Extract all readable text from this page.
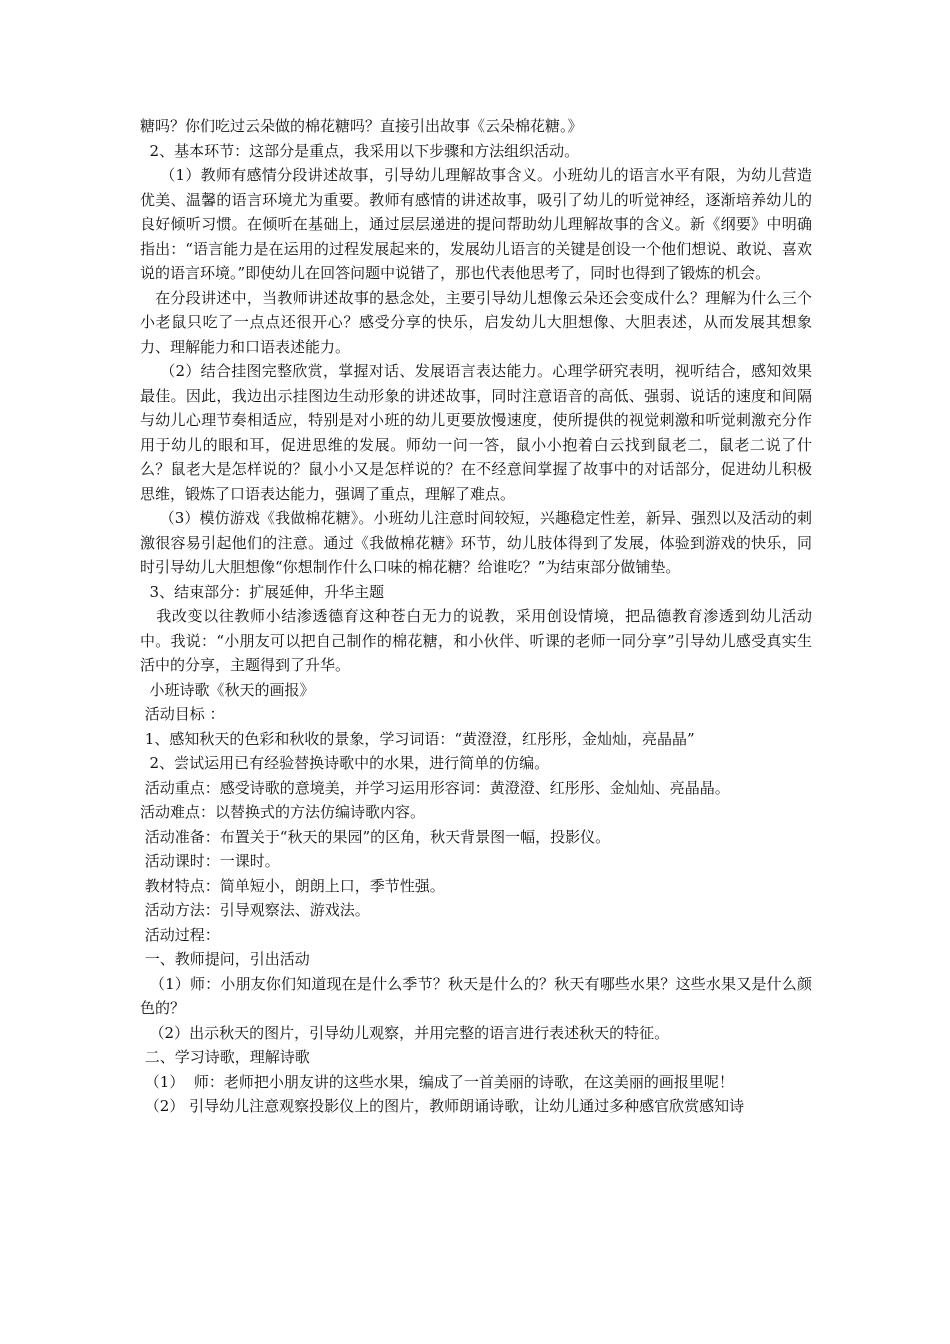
糖吗？你们吃过云朵做的棉花糖吗？直接引出故事《云朵棉花糖。》

2、基本环节：这部分是重点，我采用以下步骤和方法组织活动。

（1）教师有感情分段讲述故事，引导幼儿理解故事含义。小班幼儿的语言水平有限，为幼儿营造优美、温馨的语言环境尤为重要。教师有感情的讲述故事，吸引了幼儿的听觉神经，逐渐培养幼儿的良好倾听习惯。在倾听在基础上，通过层层递进的提问帮助幼儿理解故事的含义。新《纲要》中明确指出：“语言能力是在运用的过程发展起来的，发展幼儿语言的关键是创设一个他们想说、敢说、喜欢说的语言环境。”即使幼儿在回答问题中说错了，那也代表他思考了，同时也得到了锻炼的机会。

在分段讲述中，当教师讲述故事的悬念处，主要引导幼儿想像云朵还会变成什么？理解为什么三个小老鼠只吃了一点点还很开心？感受分享的快乐，启发幼儿大胆想像、大胆表述，从而发展其想象力、理解能力和口语表述能力。

（2）结合挂图完整欣赏，掌握对话、发展语言表达能力。心理学研究表明，视听结合，感知效果最佳。因此，我边出示挂图边生动形象的讲述故事，同时注意语音的高低、强弱、说话的速度和间隔与幼儿心理节奏相适应，特别是对小班的幼儿更要放慢速度，使所提供的视觉刺激和听觉刺激充分作用于幼儿的眼和耳，促进思维的发展。师幼一问一答，鼠小小抱着白云找到鼠老二，鼠老二说了什么？鼠老大是怎样说的？鼠小小又是怎样说的？在不经意间掌握了故事中的对话部分，促进幼儿积极思维，锻炼了口语表达能力，强调了重点，理解了难点。

（3）模仿游戏《我做棉花糖》。小班幼儿注意时间较短，兴趣稳定性差，新异、强烈以及活动的刺激很容易引起他们的注意。通过《我做棉花糖》环节，幼儿肢体得到了发展，体验到游戏的快乐，同时引导幼儿大胆想像“你想制作什么口味的棉花糖？给谁吃？”为结束部分做铺垫。

3、结束部分：扩展延伸，升华主题

我改变以往教师小结渗透德育这种苍白无力的说教，采用创设情境，把品德教育渗透到幼儿活动中。我说：“小朋友可以把自己制作的棉花糖，和小伙伴、听课的老师一同分享”引导幼儿感受真实生活中的分享，主题得到了升华。

小班诗歌《秋天的画报》

活动目标 ：

1、感知秋天的色彩和秋收的景象，学习词语：“黄澄澄，红彤彤，金灿灿，亮晶晶”

2、尝试运用已有经验替换诗歌中的水果，进行简单的仿编。

活动重点：感受诗歌的意境美，并学习运用形容词：黄澄澄、红彤彤、金灿灿、亮晶晶。

活动难点：以替换式的方法仿编诗歌内容。

活动准备：布置关于“秋天的果园”的区角，秋天背景图一幅，投影仪。

活动课时：一课时。

教材特点：简单短小，朗朗上口，季节性强。

活动方法：引导观察法、游戏法。

活动过程：

一、教师提问，引出活动

（1）师：小朋友你们知道现在是什么季节？秋天是什么的？秋天有哪些水果？这些水果又是什么颜色的？

（2）出示秋天的图片，引导幼儿观察，并用完整的语言进行表述秋天的特征。

二、学习诗歌，理解诗歌

（1）  师：老师把小朋友讲的这些水果，编成了一首美丽的诗歌，在这美丽的画报里呢！

（2） 引导幼儿注意观察投影仪上的图片，教师朗诵诗歌，让幼儿通过多种感官欣赏感知诗
